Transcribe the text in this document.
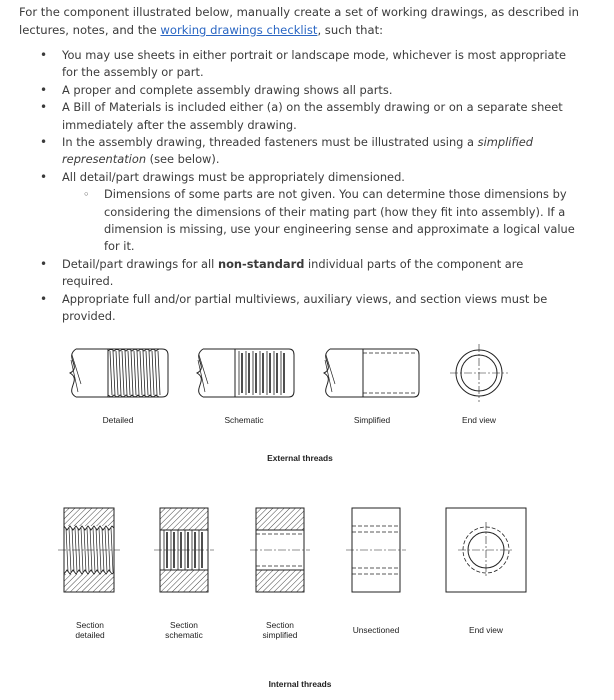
For the component illustrated below, manually create a set of working drawings, as described in lectures, notes, and the working drawings checklist, such that:
• You may use sheets in either portrait or landscape mode, whichever is most appropriate for the assembly or part.
• A proper and complete assembly drawing shows all parts.
• A Bill of Materials is included either (a) on the assembly drawing or on a separate sheet immediately after the assembly drawing.
• In the assembly drawing, threaded fasteners must be illustrated using a simplified representation (see below).
• All detail/part drawings must be appropriately dimensioned.
◦ Dimensions of some parts are not given. You can determine those dimensions by considering the dimensions of their mating part (how they fit into assembly). If a dimension is missing, use your engineering sense and approximate a logical value for it.
• Detail/part drawings for all non-standard individual parts of the component are required.
• Appropriate full and/or partial multiviews, auxiliary views, and section views must be provided.
Detailed	Schematic	Simplified	End view
External threads
Section
detailed
Section
schematic
Section
simplified	Unsectioned	End view
Internal threads
